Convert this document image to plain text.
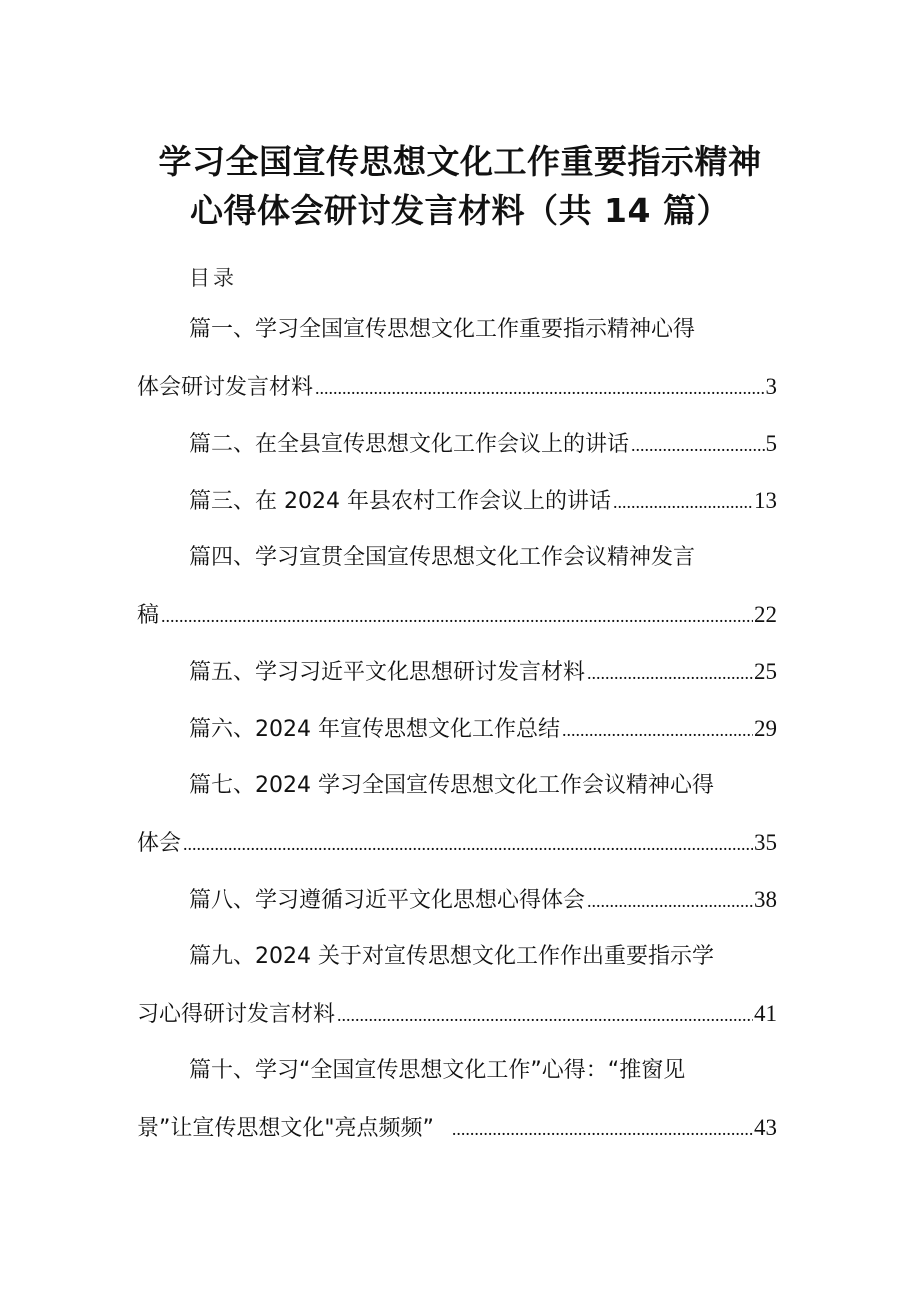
学习全国宣传思想文化工作重要指示精神
心得体会研讨发言材料（共 14 篇）
目录
篇一、学习全国宣传思想文化工作重要指示精神心得
体会研讨发言材料 .....	3
篇二、在全县宣传思想文化工作会议上的讲话 .....	5
篇三、在 2024 年县农村工作会议上的讲话 .....	13
篇四、学习宣贯全国宣传思想文化工作会议精神发言
稿 .....	22
篇五、学习习近平文化思想研讨发言材料 .....	25
篇六、2024 年宣传思想文化工作总结 .....	29
篇七、2024 学习全国宣传思想文化工作会议精神心得
体会 .....	35
篇八、学习遵循习近平文化思想心得体会 .....	38
篇九、2024 关于对宣传思想文化工作作出重要指示学
习心得研讨发言材料 .....	41
篇十、学习“全国宣传思想文化工作”心得：“推窗见
景”让宣传思想文化"亮点频频” .....	43
